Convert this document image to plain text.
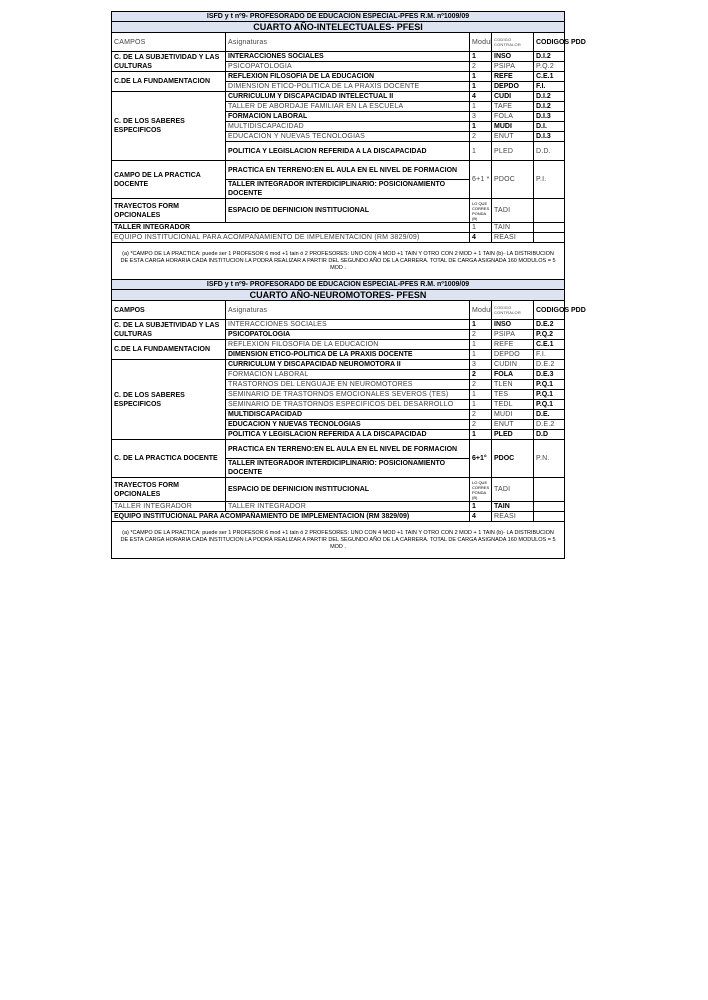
ISFD y t nº9- PROFESORADO DE EDUCACION ESPECIAL-PFES R.M. nº1009/09				
CUARTO AÑO-INTELECTUALES- PFESI				
CAMPOS	Asignaturas	Modul	CODIGO CONTRALOR	CODIGOS PDD
C. DE LA SUBJETIVIDAD Y LAS CULTURAS	INTERACCIONES SOCIALES	1	INSO	D.I.2
	PSICOPATOLOGIA	2	PSIPA	P.Q.2
C.DE LA FUNDAMENTACION	REFLEXION FILOSOFIA DE LA EDUCACION	1	REFE	C.E.1
	DIMENSION ETICO-POLITICA DE LA PRAXIS DOCENTE	1	DEPDO	F.I.
C. DE LOS SABERES ESPECIFICOS	CURRICULUM Y DISCAPACIDAD INTELECTUAL II	4	CUDI	D.I.2
	TALLER DE ABORDAJE FAMILIAR EN LA ESCUELA	1	TAFE	D.I.2
	FORMACION LABORAL	3	FOLA	D.I.3
	MULTIDISCAPACIDAD	1	MUDI	D.I.
	EDUCACION Y NUEVAS TECNOLOGIAS	2	ENUT	D.I.3
	POLITICA Y LEGISLACION REFERIDA A LA DISCAPACIDAD	1	PLED	D.D.
CAMPO DE LA PRACTICA DOCENTE	PRACTICA EN TERRENO:EN EL AULA EN EL NIVEL DE FORMACION	6+1 *	PDOC	P.I.
	TALLER INTEGRADOR INTERDICIPLINARIO: POSICIONAMIENTO DOCENTE			
TRAYECTOS FORM OPCIONALES	ESPACIO DE DEFINICION INSTITUCIONAL	LO QUE CORRES PONDA (B)	TADI	
TALLER INTEGRADOR		1	TAIN	
EQUIPO INSTITUCIONAL PARA ACOMPAÑAMIENTO DE IMPLEMENTACION (RM 3829/09)		4	REASI	
(a) *CAMPO DE LA PRACTICA: puede ser 1 PROFESOR 6 mod +1 tain ó 2 PROFESORES: UNO CON 4 MOD +1 TAIN Y OTRO CON 2 MOD + 1 TAIN (b)- LA DISTRIBUCION DE ESTA CARGA HORARIA CADA INSTITUCION LA PODRÁ REALIZAR A PARTIR DEL SEGUNDO AÑO DE LA CARRERA. TOTAL DE CARGA ASIGNADA 160 MODULOS = 5 MOD .				
ISFD y t nº9- PROFESORADO DE EDUCACION ESPECIAL-PFES R.M. nº1009/09				
CUARTO AÑO-NEUROMOTORES- PFESN				
CAMPOS	Asignaturas	Modul	CODIGO CONTRALOR	CODIGOS PDD
C. DE LA SUBJETIVIDAD Y LAS CULTURAS	INTERACCIONES SOCIALES	1	INSO	D.E.2
	PSICOPATOLOGIA	2	PSIPA	P.Q.2
C.DE LA FUNDAMENTACION	REFLEXION FILOSOFIA DE LA EDUCACION	1	REFE	C.E.1
	DIMENSION ETICO-POLITICA DE LA PRAXIS DOCENTE	1	DEPDO	F.I.
C. DE LOS SABERES ESPECIFICOS	CURRICULUM Y DISCAPACIDAD NEUROMOTORA II	3	CUDIN	D.E.2
	FORMACION LABORAL	2	FOLA	D.E.3
	TRASTORNOS DEL LENGUAJE EN NEUROMOTORES	2	TLEN	P.Q.1
	SEMINARIO DE TRASTORNOS EMOCIONALES SEVEROS (TES)	1	TES	P.Q.1
	SEMINARIO DE TRASTORNOS ESPECIFICOS DEL DESARROLLO	1	TEDL	P.Q.1
	MULTIDISCAPACIDAD	2	MUDI	D.E.
	EDUCACION Y NUEVAS TECNOLOGIAS	2	ENUT	D.E.2
	POLITICA Y LEGISLACION REFERIDA A LA DISCAPACIDAD	1	PLED	D.D
C. DE LA PRACTICA DOCENTE	PRACTICA EN TERRENO:EN EL AULA EN EL NIVEL DE FORMACION	6+1°	PDOC	P.N.
	TALLER INTEGRADOR INTERDICIPLINARIO: POSICIONAMIENTO DOCENTE			
TRAYECTOS FORM OPCIONALES	ESPACIO DE DEFINICION INSTITUCIONAL	LO QUE CORRES PONDA (B)	TADI	
TALLER INTEGRADOR	TALLER INTEGRADOR	1	TAIN	
EQUIPO INSTITUCIONAL PARA ACOMPAÑAMIENTO DE IMPLEMENTACION (RM 3829/09)		4	REASI	
(a) *CAMPO DE LA PRACTICA: puede ser 1 PROFESOR 6 mod +1 tain ó 2 PROFESORES: UNO CON 4 MOD +1 TAIN Y OTRO CON 2 MOD + 1 TAIN (b)- LA DISTRIBUCION DE ESTA CARGA HORARIA CADA INSTITUCION LA PODRÁ REALIZAR A PARTIR DEL SEGUNDO AÑO DE LA CARRERA. TOTAL DE CARGA ASIGNADA 160 MODULOS = 5 MOD .				
